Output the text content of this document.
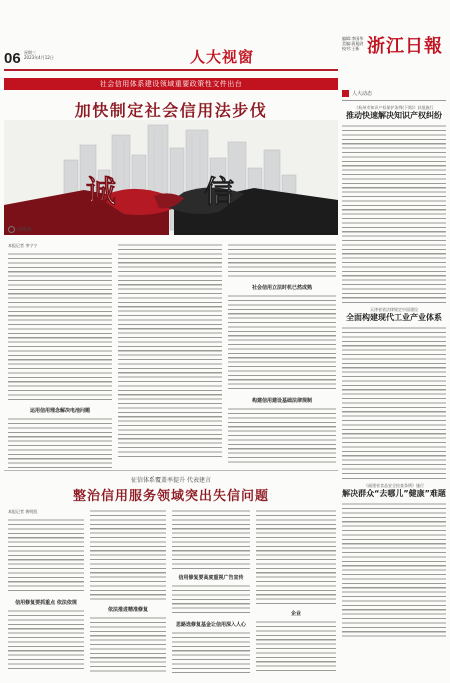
06 星期三
2023年4月12日	人大视窗
编辑:李国华
美编:蒋旭尉
校对:王新 浙江日報
社会信用体系建设领域重要政策性文件出台
加快制定社会信用法步伐
诚	信
深聚焦
本报记者 李宁宁
运用信用理念解决电池问题
社会信用立法时机已然成熟
构建信用建设基础法律规制
征信体系覆盖率提升 代表建言
整治信用服务领域突出失信问题
本报记者 黄明凯
信用修复要抓重点 依法依规
依法推进精准修复
信用修复要高度重视广告宣传
思路选修复基金让信用深入人心
企业
人大动态
《杭州市知识产权保护条例(下简)》获批施行
推动快速解决知识产权纠纷
天津省省法律规定中国建设
全面构建现代工业产业体系
《福建省食品安全检查条例》施行
解决群众“去哪儿”健康”难题
